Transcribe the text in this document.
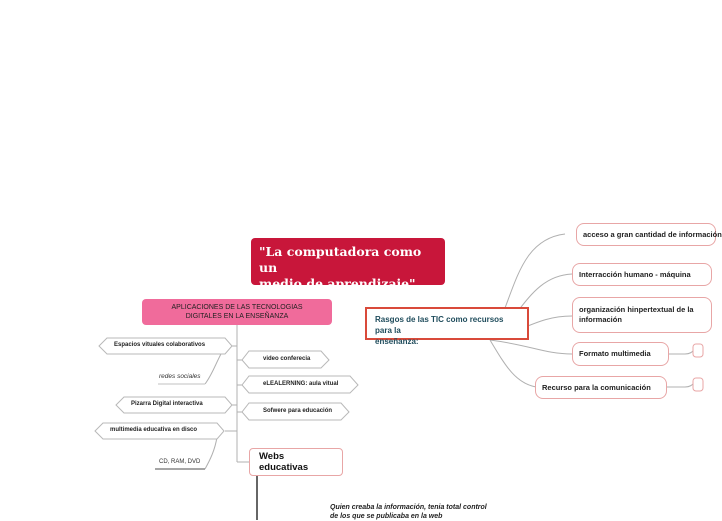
"La computadora como un
medio de aprendizaje"
APLICACIONES DE LAS TECNOLOGIAS
DIGITALES EN LA ENSEÑANZA
Espacios vituales colaborativos
Pizarra Digital interactiva
multimedia educativa en disco
redes sociales
CD, RAM, DVD
video conferecia
eLEALERNING: aula vitual
Sofwere para educación
Webs educativas
Quien creaba la información, tenia total control
de los que se publicaba en la web
Rasgos de las TIC como recursos para la
enseñanza:
acceso a gran cantidad de información
Interracción humano - máquina
organización hinpertextual de la
información
Formato multimedia
Recurso para la comunicación
